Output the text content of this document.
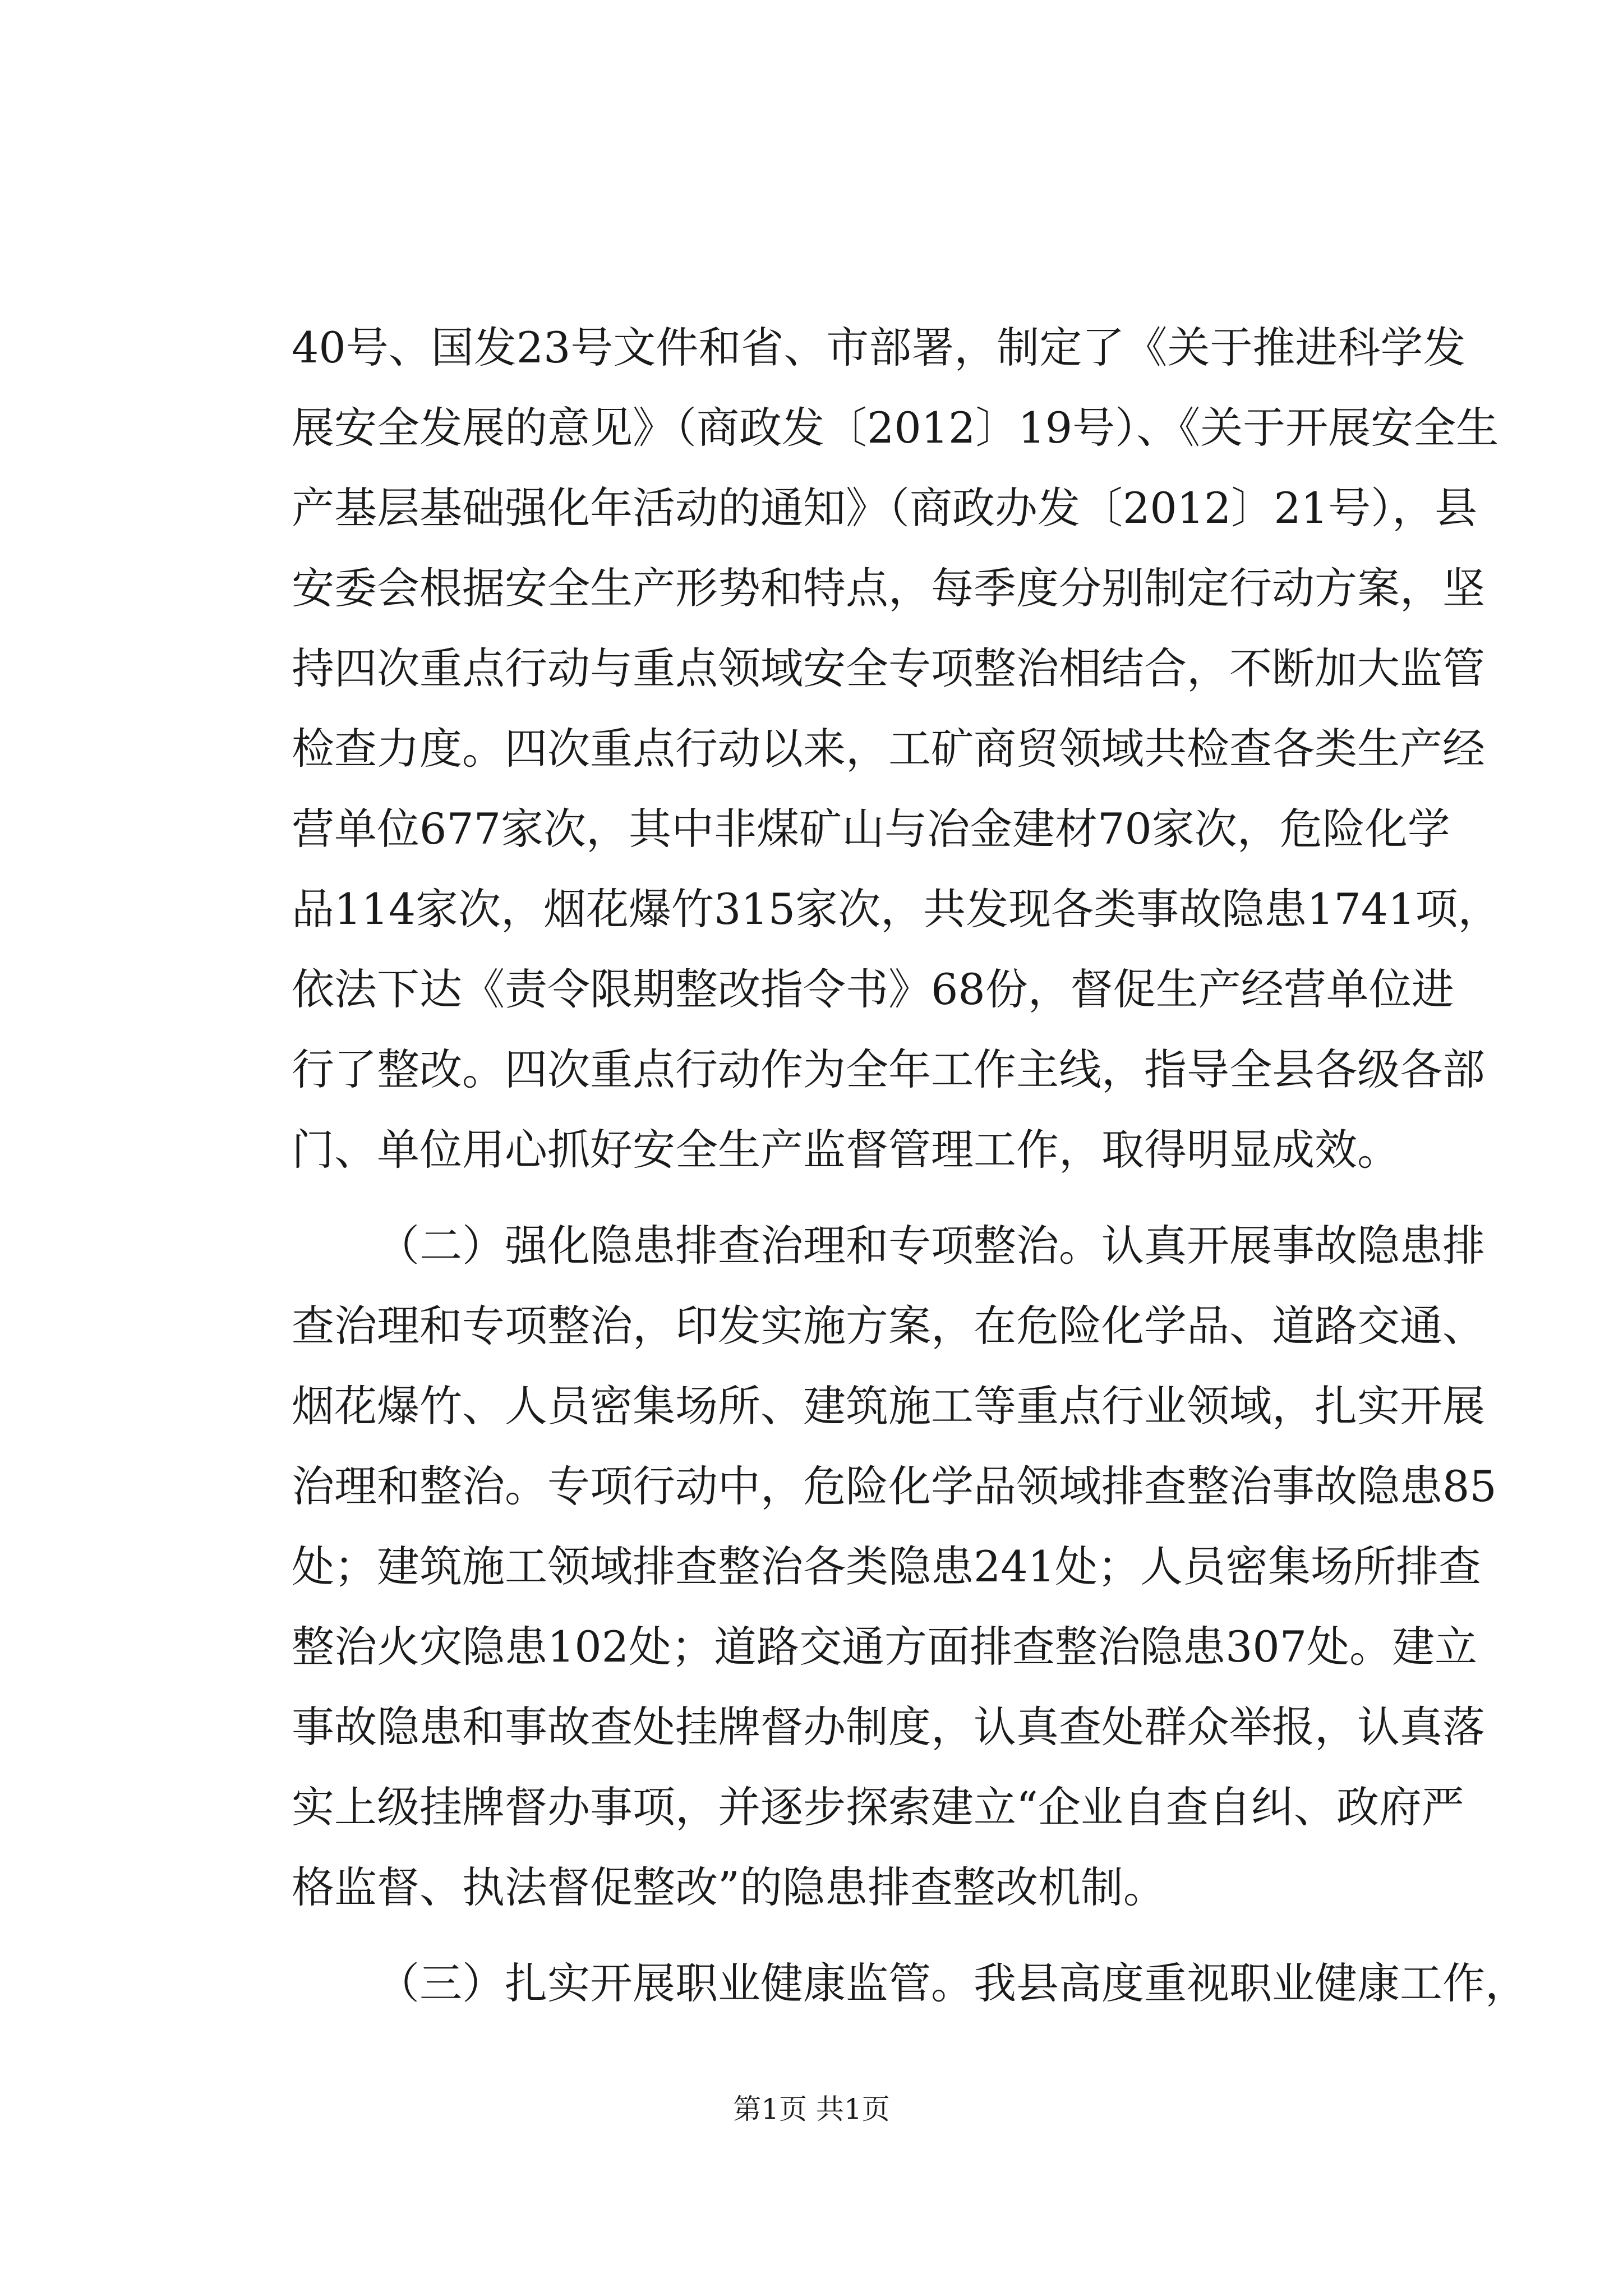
40号、国发23号文件和省、市部署，制定了《关于推进科学发
展安全发展的意见》（商政发〔2012〕19号）、《关于开展安全生
产基层基础强化年活动的通知》（商政办发〔2012〕21号），县
安委会根据安全生产形势和特点，每季度分别制定行动方案，坚
持四次重点行动与重点领域安全专项整治相结合，不断加大监管
检查力度。四次重点行动以来，工矿商贸领域共检查各类生产经
营单位677家次，其中非煤矿山与冶金建材70家次，危险化学
品114家次，烟花爆竹315家次，共发现各类事故隐患1741项，
依法下达《责令限期整改指令书》68份，督促生产经营单位进
行了整改。四次重点行动作为全年工作主线，指导全县各级各部
门、单位用心抓好安全生产监督管理工作，取得明显成效。
（二）强化隐患排查治理和专项整治。认真开展事故隐患排
查治理和专项整治，印发实施方案，在危险化学品、道路交通、
烟花爆竹、人员密集场所、建筑施工等重点行业领域，扎实开展
治理和整治。专项行动中，危险化学品领域排查整治事故隐患85
处；建筑施工领域排查整治各类隐患241处；人员密集场所排查
整治火灾隐患102处；道路交通方面排查整治隐患307处。建立
事故隐患和事故查处挂牌督办制度，认真查处群众举报，认真落
实上级挂牌督办事项，并逐步探索建立“企业自查自纠、政府严
格监督、执法督促整改”的隐患排查整改机制。
（三）扎实开展职业健康监管。我县高度重视职业健康工作，
第1页 共1页
